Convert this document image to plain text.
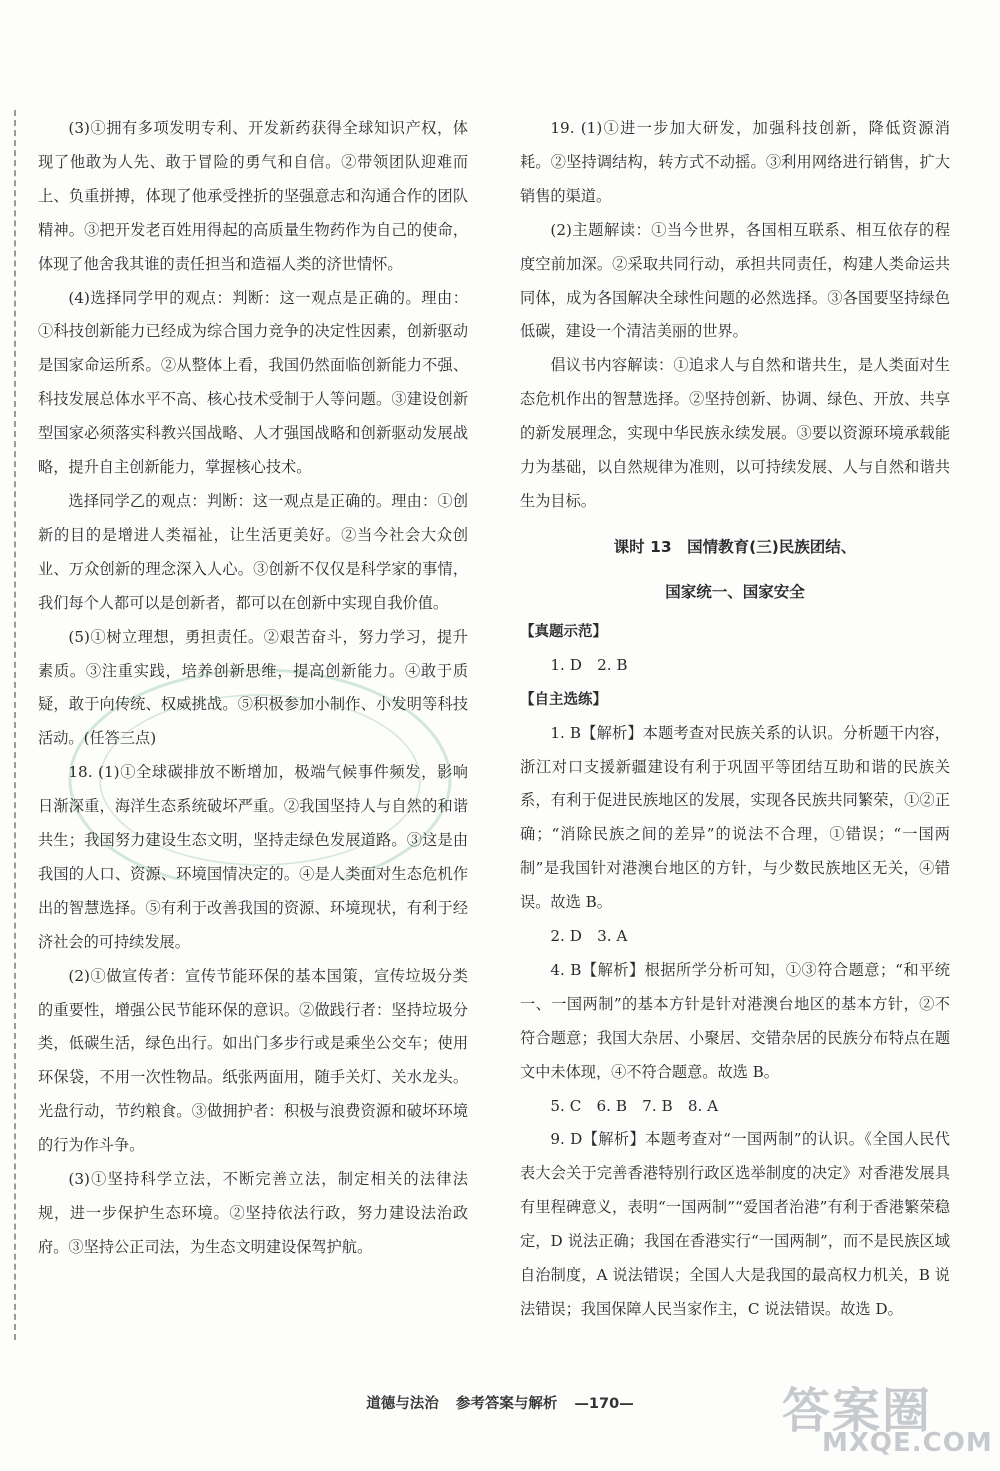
(3)①拥有多项发明专利、开发新药获得全球知识产权，体现了他敢为人先、敢于冒险的勇气和自信。②带领团队迎难而上、负重拼搏，体现了他承受挫折的坚强意志和沟通合作的团队精神。③把开发老百姓用得起的高质量生物药作为自己的使命，体现了他舍我其谁的责任担当和造福人类的济世情怀。

(4)选择同学甲的观点：判断：这一观点是正确的。理由：①科技创新能力已经成为综合国力竞争的决定性因素，创新驱动是国家命运所系。②从整体上看，我国仍然面临创新能力不强、科技发展总体水平不高、核心技术受制于人等问题。③建设创新型国家必须落实科教兴国战略、人才强国战略和创新驱动发展战略，提升自主创新能力，掌握核心技术。

选择同学乙的观点：判断：这一观点是正确的。理由：①创新的目的是增进人类福祉，让生活更美好。②当今社会大众创业、万众创新的理念深入人心。③创新不仅仅是科学家的事情，我们每个人都可以是创新者，都可以在创新中实现自我价值。

(5)①树立理想，勇担责任。②艰苦奋斗，努力学习，提升素质。③注重实践，培养创新思维，提高创新能力。④敢于质疑，敢于向传统、权威挑战。⑤积极参加小制作、小发明等科技活动。(任答三点)

18. (1)①全球碳排放不断增加，极端气候事件频发，影响日渐深重，海洋生态系统破坏严重。②我国坚持人与自然的和谐共生；我国努力建设生态文明，坚持走绿色发展道路。③这是由我国的人口、资源、环境国情决定的。④是人类面对生态危机作出的智慧选择。⑤有利于改善我国的资源、环境现状，有利于经济社会的可持续发展。

(2)①做宣传者：宣传节能环保的基本国策，宣传垃圾分类的重要性，增强公民节能环保的意识。②做践行者：坚持垃圾分类，低碳生活，绿色出行。如出门多步行或是乘坐公交车；使用环保袋，不用一次性物品。纸张两面用，随手关灯、关水龙头。光盘行动，节约粮食。③做拥护者：积极与浪费资源和破坏环境的行为作斗争。

(3)①坚持科学立法，不断完善立法，制定相关的法律法规，进一步保护生态环境。②坚持依法行政，努力建设法治政府。③坚持公正司法，为生态文明建设保驾护航。

19. (1)①进一步加大研发，加强科技创新，降低资源消耗。②坚持调结构，转方式不动摇。③利用网络进行销售，扩大销售的渠道。

(2)主题解读：①当今世界，各国相互联系、相互依存的程度空前加深。②采取共同行动，承担共同责任，构建人类命运共同体，成为各国解决全球性问题的必然选择。③各国要坚持绿色低碳，建设一个清洁美丽的世界。

倡议书内容解读：①追求人与自然和谐共生，是人类面对生态危机作出的智慧选择。②坚持创新、协调、绿色、开放、共享的新发展理念，实现中华民族永续发展。③要以资源环境承载能力为基础，以自然规律为准则，以可持续发展、人与自然和谐共生为目标。

课时 13　国情教育(三)民族团结、
国家统一、国家安全

【真题示范】

1. D　2. B

【自主选练】

1. B【解析】本题考查对民族关系的认识。分析题干内容，浙江对口支援新疆建设有利于巩固平等团结互助和谐的民族关系，有利于促进民族地区的发展，实现各民族共同繁荣，①②正确；“消除民族之间的差异”的说法不合理，①错误；“一国两制”是我国针对港澳台地区的方针，与少数民族地区无关，④错误。故选 B。

2. D　3. A

4. B【解析】根据所学分析可知，①③符合题意；“和平统一、一国两制”的基本方针是针对港澳台地区的基本方针，②不符合题意；我国大杂居、小聚居、交错杂居的民族分布特点在题文中未体现，④不符合题意。故选 B。

5. C　6. B　7. B　8. A

9. D【解析】本题考查对“一国两制”的认识。《全国人民代表大会关于完善香港特别行政区选举制度的决定》对香港发展具有里程碑意义，表明“一国两制”“爱国者治港”有利于香港繁荣稳定，D 说法正确；我国在香港实行“一国两制”，而不是民族区域自治制度，A 说法错误；全国人大是我国的最高权力机关，B 说法错误；我国保障人民当家作主，C 说法错误。故选 D。

道德与法治 参考答案与解析 —170—	答案圈
MXQE.COM
